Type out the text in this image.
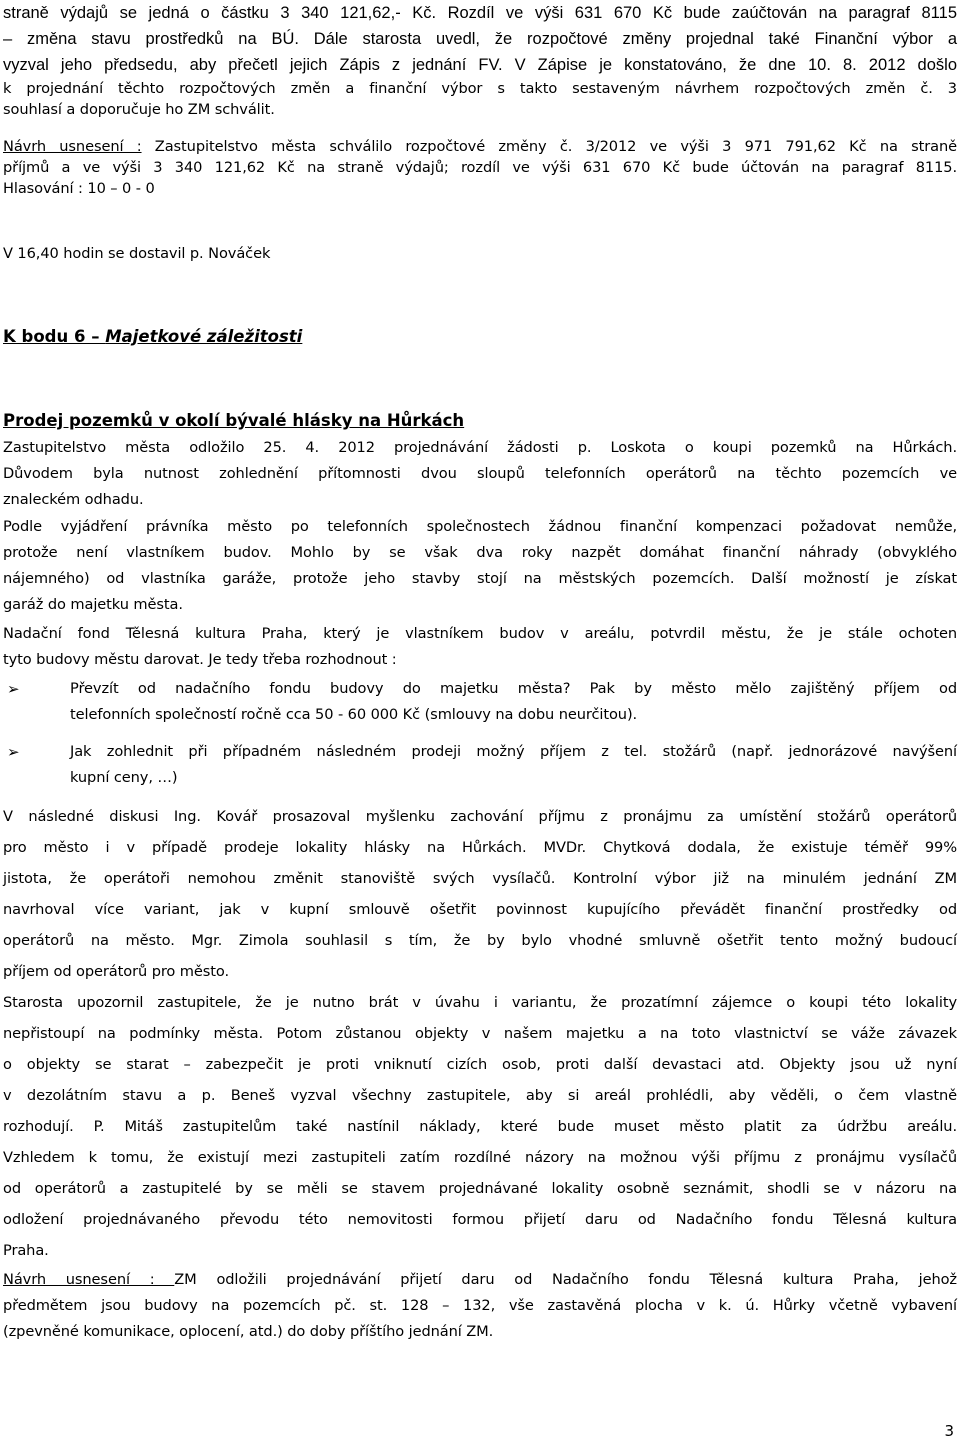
straně výdajů se jedná o částku 3 340 121,62,- Kč. Rozdíl ve výši 631 670 Kč bude zaúčtován na paragraf 8115
– změna stavu prostředků na BÚ. Dále starosta uvedl, že rozpočtové změny projednal také Finanční výbor a
vyzval jeho předsedu, aby přečetl jejich Zápis z jednání FV. V Zápise je konstatováno, že dne 10. 8. 2012 došlo
k projednání těchto rozpočtových změn a finanční výbor s takto sestaveným návrhem rozpočtových změn č. 3
souhlasí a doporučuje ho ZM schválit.
Návrh usnesení : Zastupitelstvo města schválilo rozpočtové změny č. 3/2012 ve výši 3 971 791,62 Kč na straně
příjmů a ve výši 3 340 121,62 Kč na straně výdajů; rozdíl ve výši 631 670 Kč bude účtován na paragraf 8115.
Hlasování : 10 – 0 - 0
V 16,40 hodin se dostavil p. Nováček
K bodu 6 – Majetkové záležitosti
Prodej pozemků v okolí bývalé hlásky na Hůrkách
Zastupitelstvo města odložilo 25. 4. 2012 projednávání žádosti p. Loskota o koupi pozemků na Hůrkách.
Důvodem byla nutnost zohlednění přítomnosti dvou sloupů telefonních operátorů na těchto pozemcích ve
znaleckém odhadu.
Podle vyjádření právníka město po telefonních společnostech žádnou finanční kompenzaci požadovat nemůže,
protože není vlastníkem budov. Mohlo by se však dva roky nazpět domáhat finanční náhrady (obvyklého
nájemného) od vlastníka garáže, protože jeho stavby stojí na městských pozemcích. Další možností je získat
garáž do majetku města.
Nadační fond Tělesná kultura Praha, který je vlastníkem budov v areálu, potvrdil městu, že je stále ochoten
tyto budovy městu darovat. Je tedy třeba rozhodnout :
➢	Převzít od nadačního fondu budovy do majetku města? Pak by město mělo zajištěný příjem od
telefonních společností ročně cca 50 - 60 000 Kč (smlouvy na dobu neurčitou).
➢	Jak zohlednit při případném následném prodeji možný příjem z tel. stožárů (např. jednorázové navýšení
kupní ceny, …)
V následné diskusi Ing. Kovář prosazoval myšlenku zachování příjmu z pronájmu za umístění stožárů operátorů
pro město i v případě prodeje lokality hlásky na Hůrkách. MVDr. Chytková dodala, že existuje téměř 99%
jistota, že operátoři nemohou změnit stanoviště svých vysílačů. Kontrolní výbor již na minulém jednání ZM
navrhoval více variant, jak v kupní smlouvě ošetřit povinnost kupujícího převádět finanční prostředky od
operátorů na město. Mgr. Zimola souhlasil s tím, že by bylo vhodné smluvně ošetřit tento možný budoucí
příjem od operátorů pro město.
Starosta upozornil zastupitele, že je nutno brát v úvahu i variantu, že prozatímní zájemce o koupi této lokality
nepřistoupí na podmínky města. Potom zůstanou objekty v našem majetku a na toto vlastnictví se váže závazek
o objekty se starat – zabezpečit je proti vniknutí cizích osob, proti další devastaci atd. Objekty jsou už nyní
v dezolátním stavu a p. Beneš vyzval všechny zastupitele, aby si areál prohlédli, aby věděli, o čem vlastně
rozhodují. P. Mitáš zastupitelům také nastínil náklady, které bude muset město platit za údržbu areálu.
Vzhledem k tomu, že existují mezi zastupiteli zatím rozdílné názory na možnou výši příjmu z pronájmu vysílačů
od operátorů a zastupitelé by se měli se stavem projednávané lokality osobně seznámit, shodli se v názoru na
odložení projednávaného převodu této nemovitosti formou přijetí daru od Nadačního fondu Tělesná kultura
Praha.
Návrh usnesení : ZM odložili projednávání přijetí daru od Nadačního fondu Tělesná kultura Praha, jehož
předmětem jsou budovy na pozemcích pč. st. 128 – 132, vše zastavěná plocha v k. ú. Hůrky včetně vybavení
(zpevněné komunikace, oplocení, atd.) do doby příštího jednání ZM.
3
